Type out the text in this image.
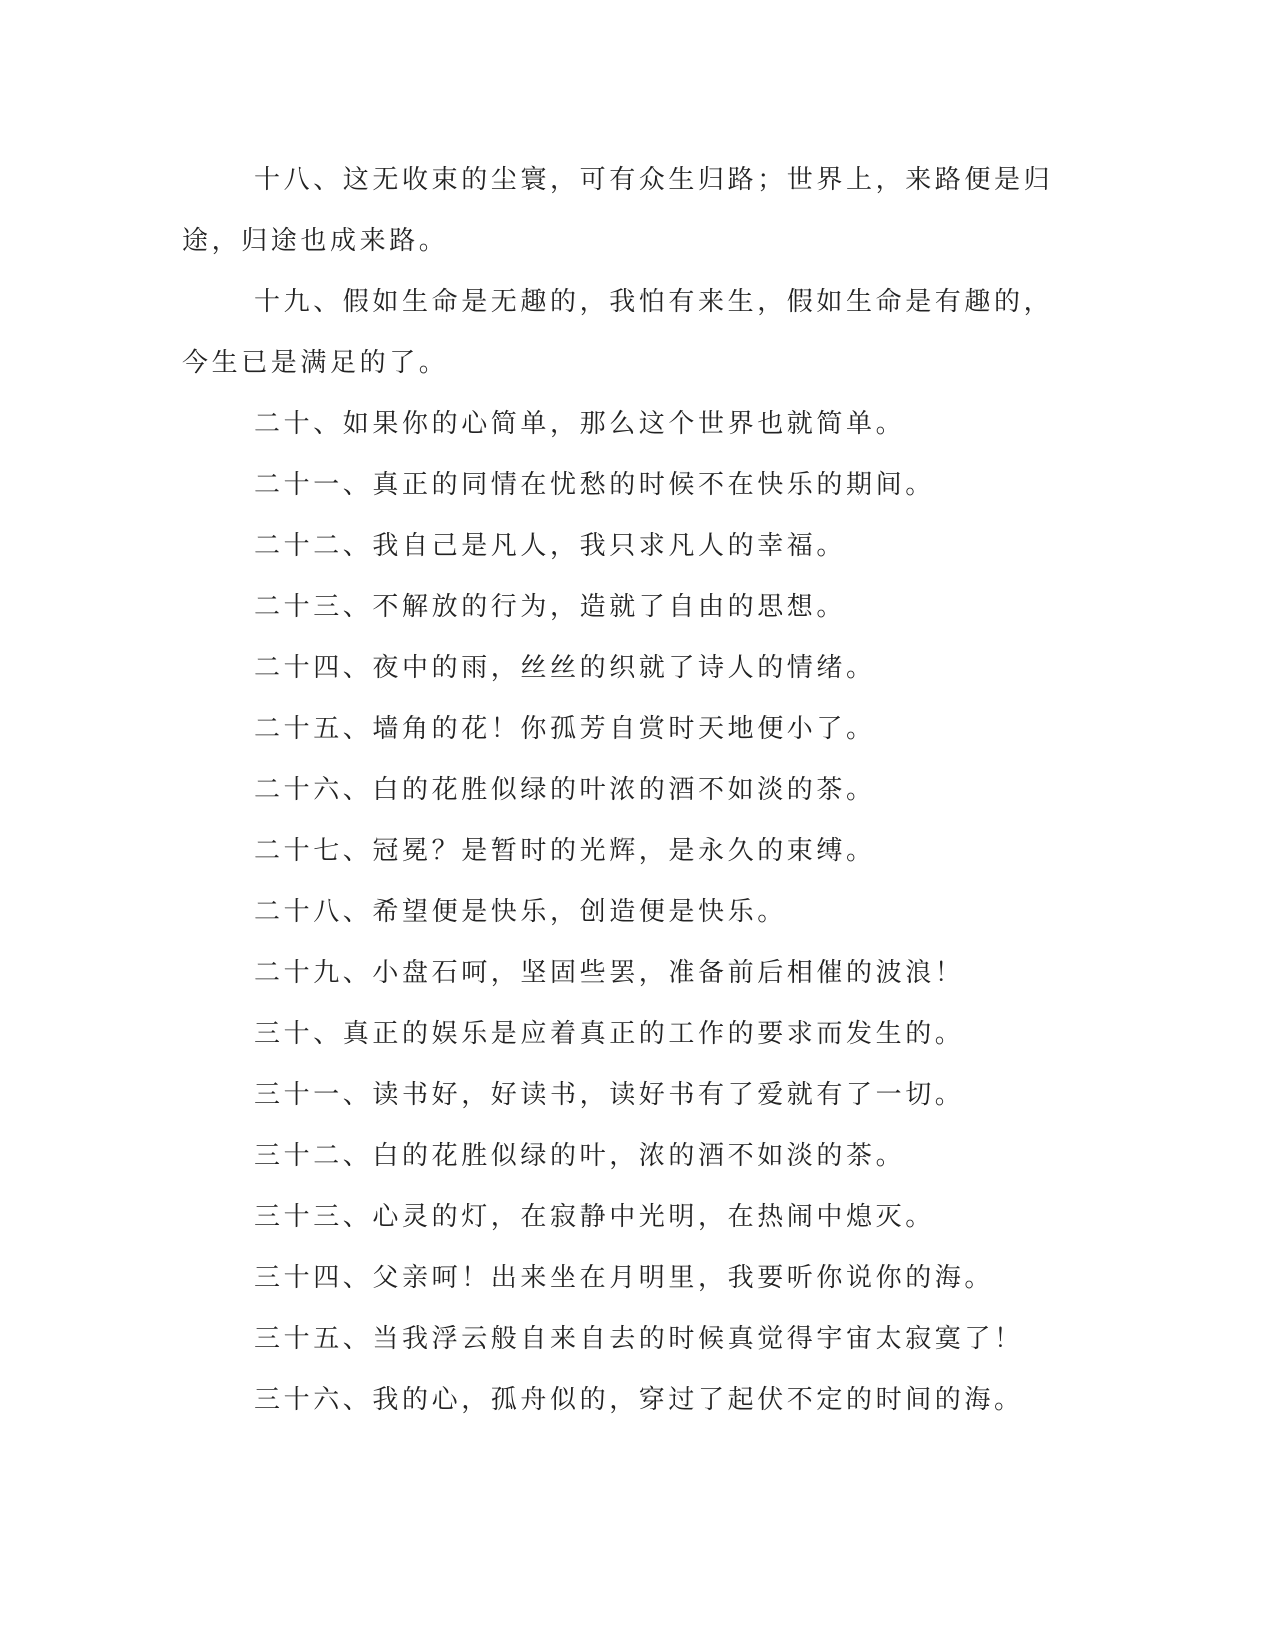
十八、这无收束的尘寰，可有众生归路；世界上，来路便是归途，归途也成来路。

十九、假如生命是无趣的，我怕有来生，假如生命是有趣的，今生已是满足的了。

二十、如果你的心简单，那么这个世界也就简单。

二十一、真正的同情在忧愁的时候不在快乐的期间。

二十二、我自己是凡人，我只求凡人的幸福。

二十三、不解放的行为，造就了自由的思想。

二十四、夜中的雨，丝丝的织就了诗人的情绪。

二十五、墙角的花！你孤芳自赏时天地便小了。

二十六、白的花胜似绿的叶浓的酒不如淡的茶。

二十七、冠冕？是暂时的光辉，是永久的束缚。

二十八、希望便是快乐，创造便是快乐。

二十九、小盘石呵，坚固些罢，准备前后相催的波浪！

三十、真正的娱乐是应着真正的工作的要求而发生的。

三十一、读书好，好读书，读好书有了爱就有了一切。

三十二、白的花胜似绿的叶，浓的酒不如淡的茶。

三十三、心灵的灯，在寂静中光明，在热闹中熄灭。

三十四、父亲呵！出来坐在月明里，我要听你说你的海。

三十五、当我浮云般自来自去的时候真觉得宇宙太寂寞了！

三十六、我的心，孤舟似的，穿过了起伏不定的时间的海。
